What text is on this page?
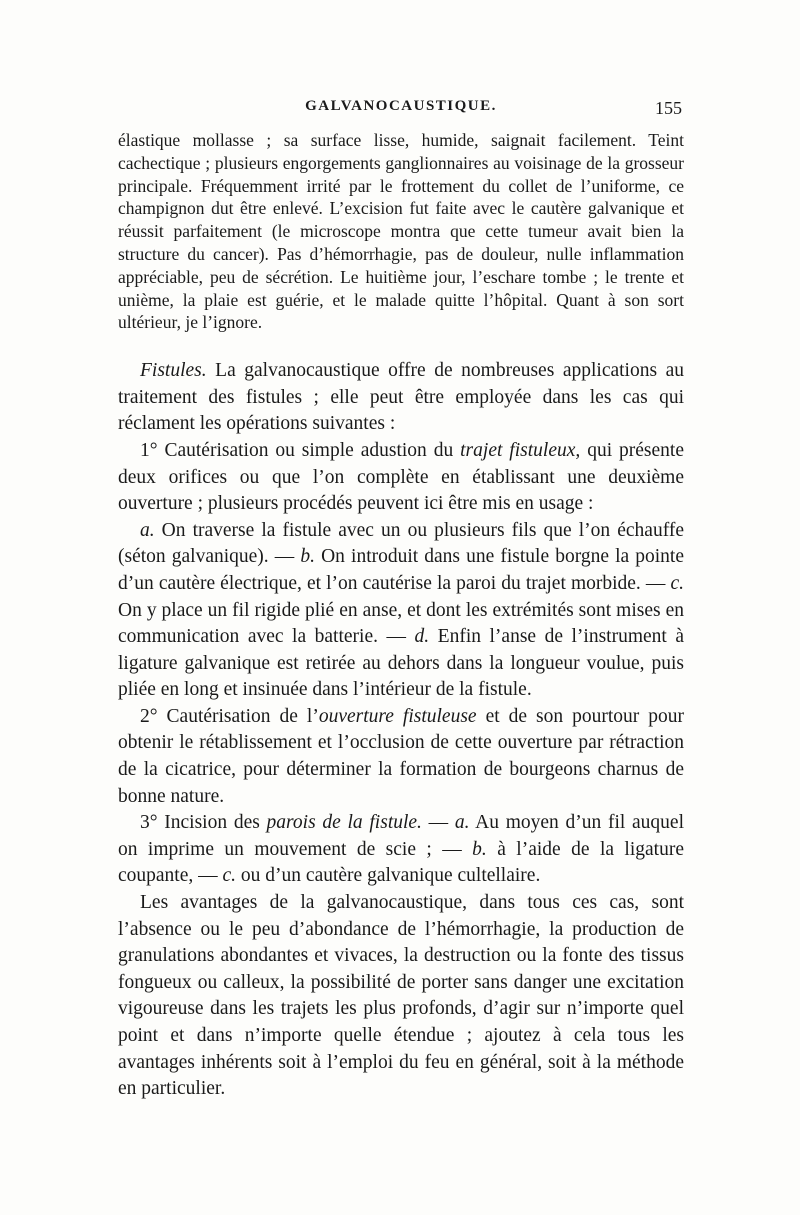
GALVANOCAUSTIQUE.	155

élastique mollasse ; sa surface lisse, humide, saignait facilement. Teint cachectique ; plusieurs engorgements ganglionnaires au voisinage de la grosseur principale. Fréquemment irrité par le frottement du collet de l’uniforme, ce champignon dut être enlevé. L’excision fut faite avec le cautère galvanique et réussit parfaitement (le microscope montra que cette tumeur avait bien la structure du cancer). Pas d’hémorrhagie, pas de douleur, nulle inflammation appréciable, peu de sécrétion. Le huitième jour, l’eschare tombe ; le trente et unième, la plaie est guérie, et le malade quitte l’hôpital. Quant à son sort ultérieur, je l’ignore.

Fistules. La galvanocaustique offre de nombreuses applications au traitement des fistules ; elle peut être employée dans les cas qui réclament les opérations suivantes :

1° Cautérisation ou simple adustion du trajet fistuleux, qui présente deux orifices ou que l’on complète en établissant une deuxième ouverture ; plusieurs procédés peuvent ici être mis en usage :

a. On traverse la fistule avec un ou plusieurs fils que l’on échauffe (séton galvanique). — b. On introduit dans une fistule borgne la pointe d’un cautère électrique, et l’on cautérise la paroi du trajet morbide. — c. On y place un fil rigide plié en anse, et dont les extrémités sont mises en communication avec la batterie. — d. Enfin l’anse de l’instrument à ligature galvanique est retirée au dehors dans la longueur voulue, puis pliée en long et insinuée dans l’intérieur de la fistule.

2° Cautérisation de l’ouverture fistuleuse et de son pourtour pour obtenir le rétablissement et l’occlusion de cette ouverture par rétraction de la cicatrice, pour déterminer la formation de bourgeons charnus de bonne nature.

3° Incision des parois de la fistule. — a. Au moyen d’un fil auquel on imprime un mouvement de scie ; — b. à l’aide de la ligature coupante, — c. ou d’un cautère galvanique cultellaire.

Les avantages de la galvanocaustique, dans tous ces cas, sont l’absence ou le peu d’abondance de l’hémorrhagie, la production de granulations abondantes et vivaces, la destruction ou la fonte des tissus fongueux ou calleux, la possibilité de porter sans danger une excitation vigoureuse dans les trajets les plus profonds, d’agir sur n’importe quel point et dans n’importe quelle étendue ; ajoutez à cela tous les avantages inhérents soit à l’emploi du feu en général, soit à la méthode en particulier.
